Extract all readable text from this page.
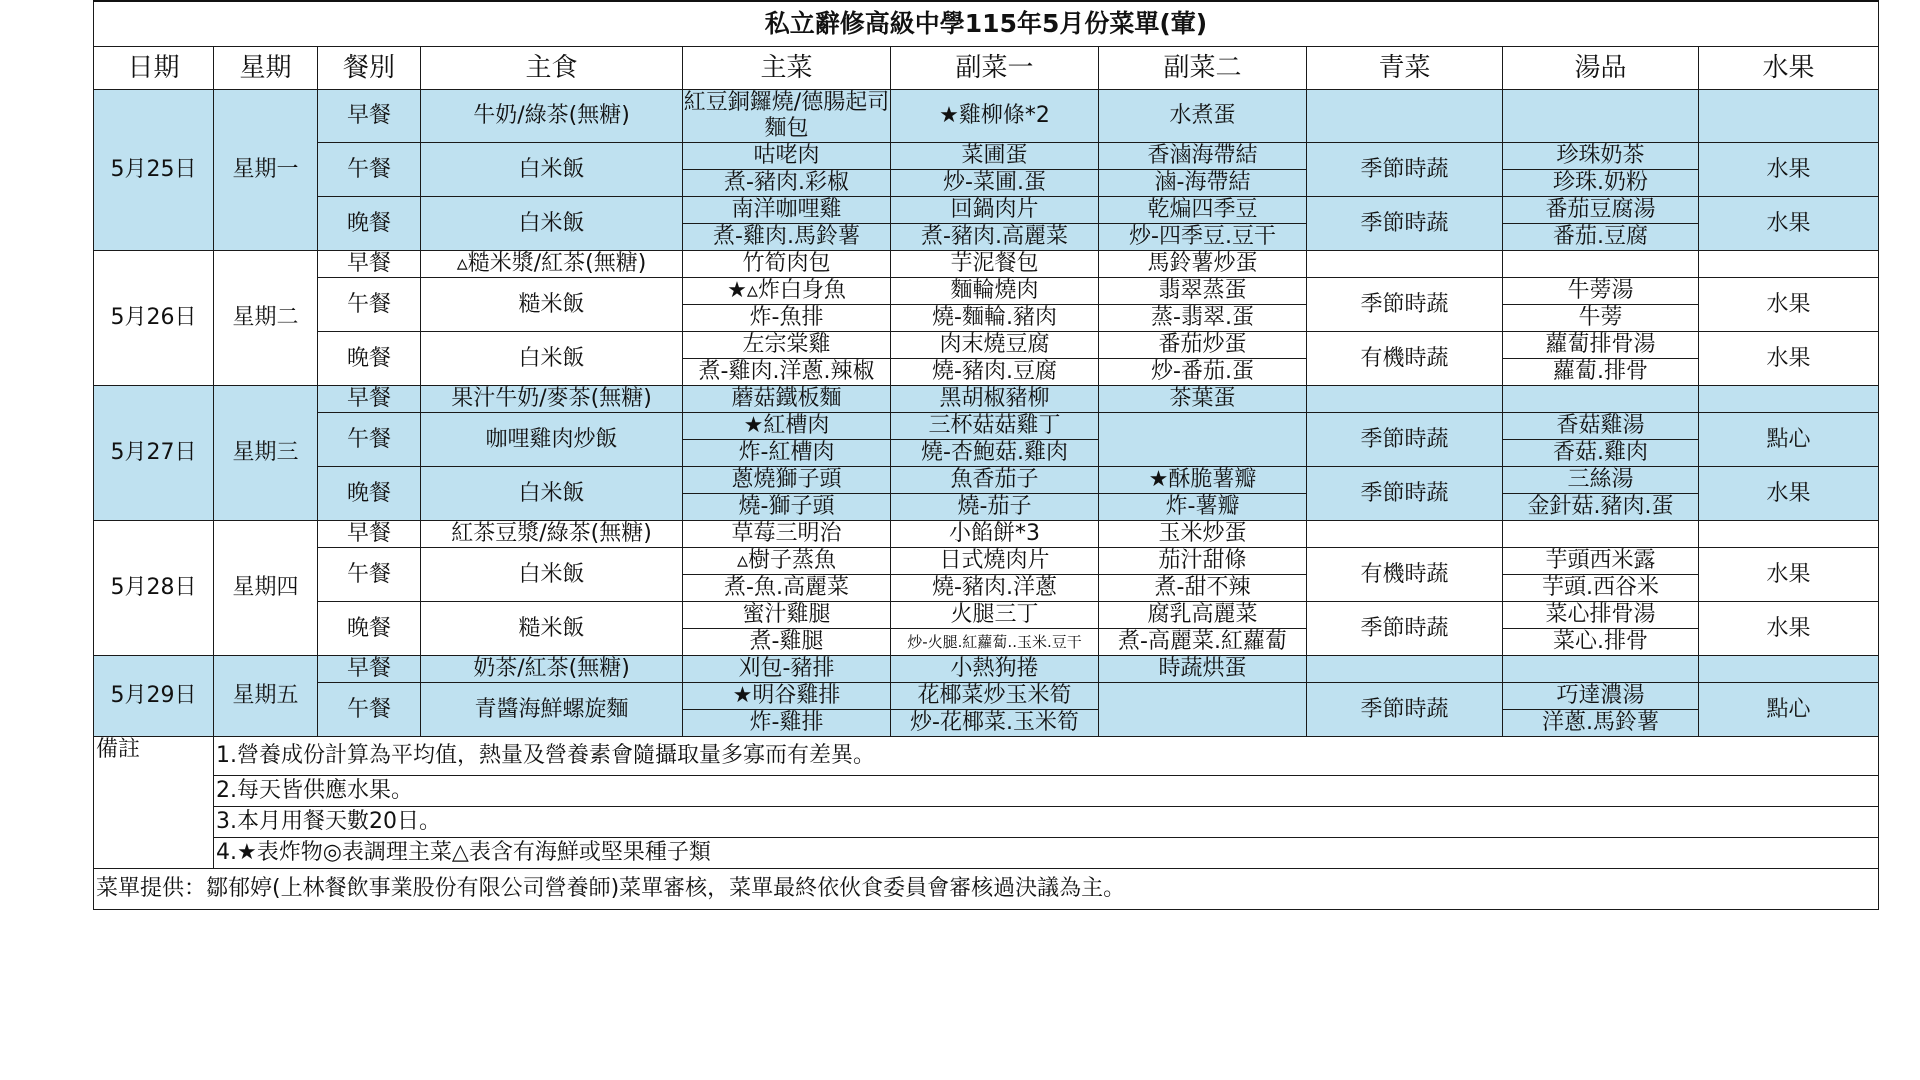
私立辭修高級中學115年5月份菜單(葷)									
日期	星期	餐別	主食	主菜	副菜一	副菜二	青菜	湯品	水果
5月25日	星期一	早餐	牛奶/綠茶(無糖)	紅豆銅鑼燒/德腸起司麵包	★雞柳條*2	水煮蛋			
		午餐	白米飯	咕咾肉	菜圃蛋	香滷海帶結	季節時蔬	珍珠奶茶	水果
				煮-豬肉.彩椒	炒-菜圃.蛋	滷-海帶結		珍珠.奶粉	
		晚餐	白米飯	南洋咖哩雞	回鍋肉片	乾煸四季豆	季節時蔬	番茄豆腐湯	水果
				煮-雞肉.馬鈴薯	煮-豬肉.高麗菜	炒-四季豆.豆干		番茄.豆腐	
5月26日	星期二	早餐	▵糙米漿/紅茶(無糖)	竹筍肉包	芋泥餐包	馬鈴薯炒蛋			
		午餐	糙米飯	★▵炸白身魚	麵輪燒肉	翡翠蒸蛋	季節時蔬	牛蒡湯	水果
				炸-魚排	燒-麵輪.豬肉	蒸-翡翠.蛋		牛蒡	
		晚餐	白米飯	左宗棠雞	肉末燒豆腐	番茄炒蛋	有機時蔬	蘿蔔排骨湯	水果
				煮-雞肉.洋蔥.辣椒	燒-豬肉.豆腐	炒-番茄.蛋		蘿蔔.排骨	
5月27日	星期三	早餐	果汁牛奶/麥茶(無糖)	蘑菇鐵板麵	黑胡椒豬柳	茶葉蛋			
		午餐	咖哩雞肉炒飯	★紅槽肉	三杯菇菇雞丁		季節時蔬	香菇雞湯	點心
				炸-紅槽肉	燒-杏鮑菇.雞肉			香菇.雞肉	
		晚餐	白米飯	蔥燒獅子頭	魚香茄子	★酥脆薯瓣	季節時蔬	三絲湯	水果
				燒-獅子頭	燒-茄子	炸-薯瓣		金針菇.豬肉.蛋	
5月28日	星期四	早餐	紅茶豆漿/綠茶(無糖)	草莓三明治	小餡餅*3	玉米炒蛋			
		午餐	白米飯	▵樹子蒸魚	日式燒肉片	茄汁甜條	有機時蔬	芋頭西米露	水果
				煮-魚.高麗菜	燒-豬肉.洋蔥	煮-甜不辣		芋頭.西谷米	
		晚餐	糙米飯	蜜汁雞腿	火腿三丁	腐乳高麗菜	季節時蔬	菜心排骨湯	水果
				煮-雞腿	炒-火腿.紅蘿蔔..玉米.豆干	煮-高麗菜.紅蘿蔔		菜心.排骨	
5月29日	星期五	早餐	奶茶/紅茶(無糖)	刈包-豬排	小熱狗捲	時蔬烘蛋			
		午餐	青醬海鮮螺旋麵	★明谷雞排	花椰菜炒玉米筍		季節時蔬	巧達濃湯	點心
				炸-雞排	炒-花椰菜.玉米筍			洋蔥.馬鈴薯	
備註	1.營養成份計算為平均值，熱量及營養素會隨攝取量多寡而有差異。								
	2.每天皆供應水果。								
	3.本月用餐天數20日。								
	4.★表炸物◎表調理主菜△表含有海鮮或堅果種子類								
菜單提供：鄒郁婷(上林餐飲事業股份有限公司營養師)菜單審核，菜單最終依伙食委員會審核過決議為主。									
